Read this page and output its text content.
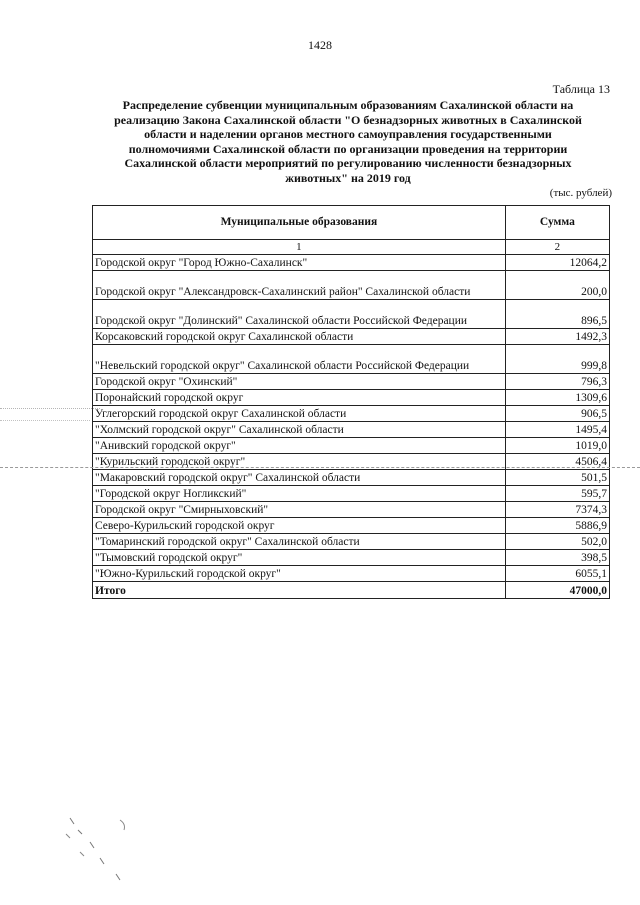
1428
Таблица 13
Распределение субвенции муниципальным образованиям Сахалинской области на
реализацию Закона Сахалинской области "О безнадзорных животных в Сахалинской
области и наделении органов местного самоуправления государственными
полномочиями Сахалинской области по организации проведения на территории
Сахалинской области мероприятий по регулированию численности безнадзорных
животных" на 2019 год
(тыс. рублей)
Муниципальные образования	Сумма
1	2
Городской округ "Город Южно-Сахалинск"	12064,2
Городской округ "Александровск-Сахалинский район" Сахалинской области	200,0
Городской округ "Долинский" Сахалинской области Российской Федерации	896,5
Корсаковский городской округ Сахалинской области	1492,3
"Невельский городской округ" Сахалинской области Российской Федерации	999,8
Городской округ "Охинский"	796,3
Поронайский городской округ	1309,6
Углегорский городской округ Сахалинской области	906,5
"Холмский городской округ" Сахалинской области	1495,4
"Анивский городской округ"	1019,0
"Курильский городской округ"	4506,4
"Макаровский городской округ" Сахалинской области	501,5
"Городской округ Ногликский"	595,7
Городской округ "Смирныховский"	7374,3
Северо-Курильский городской округ	5886,9
"Томаринский городской округ" Сахалинской области	502,0
"Тымовский городской округ"	398,5
"Южно-Курильский городской округ"	6055,1
Итого	47000,0
